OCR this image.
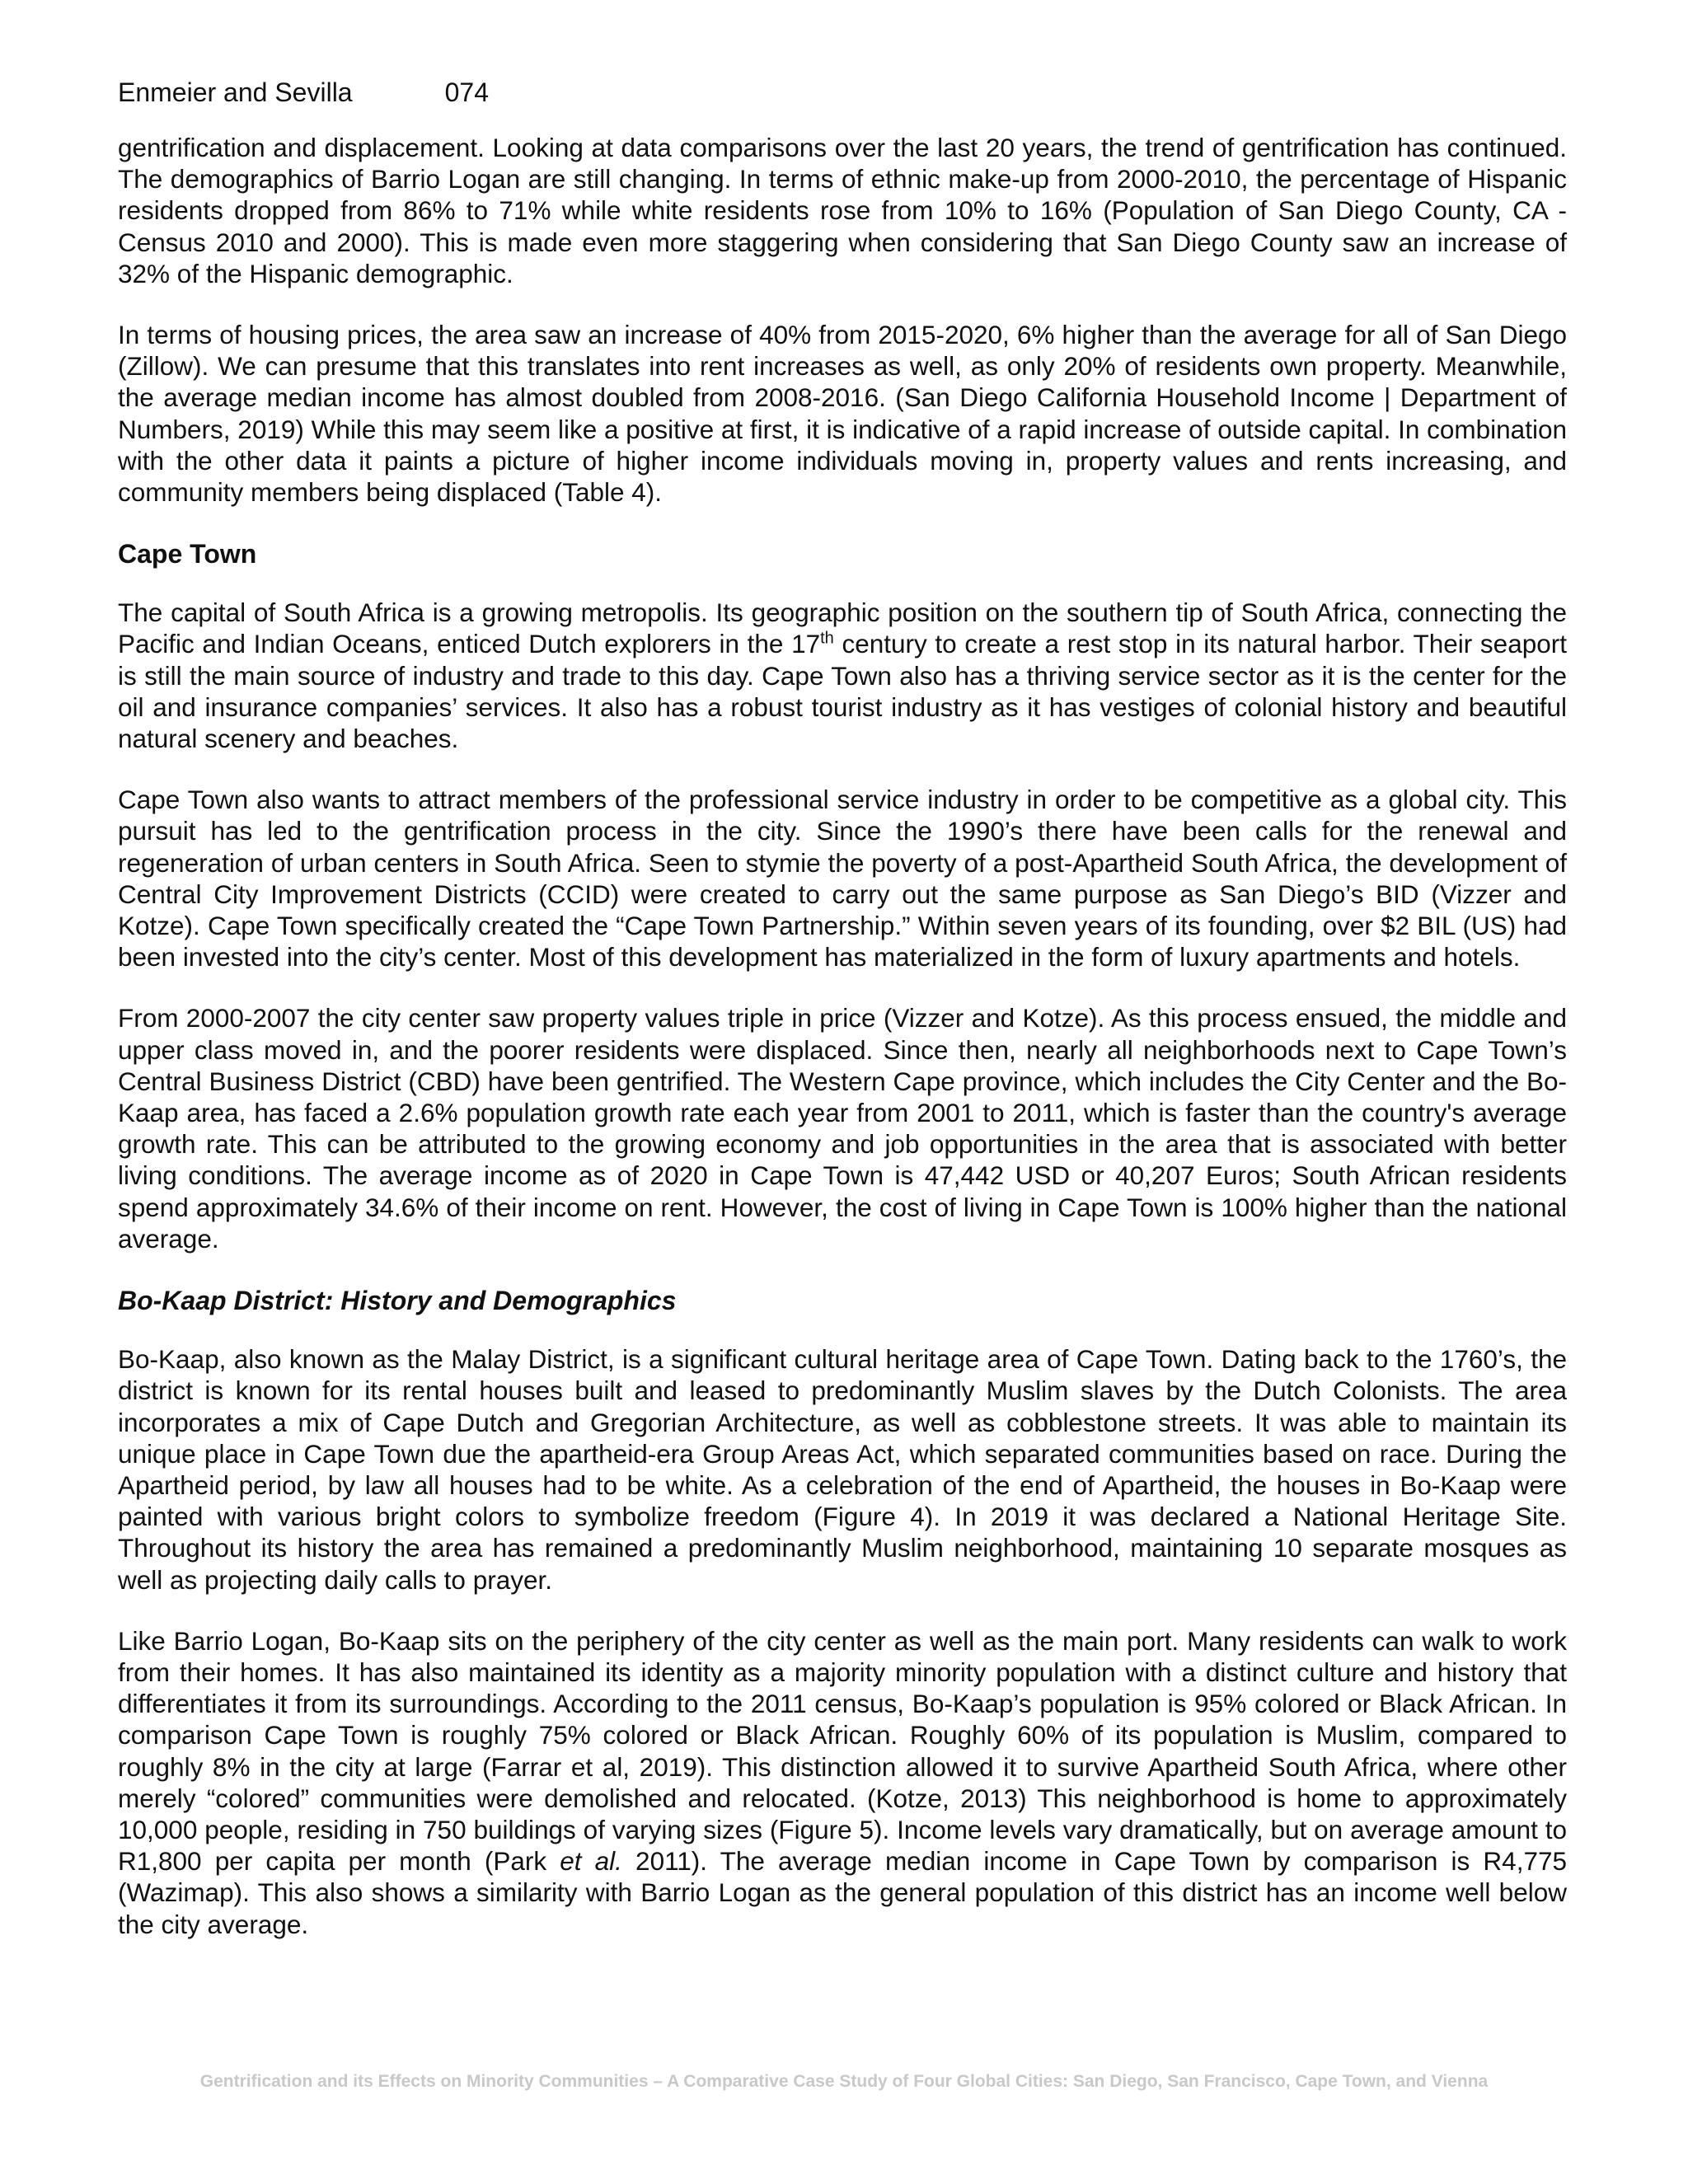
Enmeier and Sevilla	074

gentrification and displacement. Looking at data comparisons over the last 20 years, the trend of gentrification has continued. The demographics of Barrio Logan are still changing. In terms of ethnic make-up from 2000-2010, the percentage of Hispanic residents dropped from 86% to 71% while white residents rose from 10% to 16% (Population of San Diego County, CA - Census 2010 and 2000). This is made even more staggering when considering that San Diego County saw an increase of 32% of the Hispanic demographic.

In terms of housing prices, the area saw an increase of 40% from 2015-2020, 6% higher than the average for all of San Diego (Zillow). We can presume that this translates into rent increases as well, as only 20% of residents own property. Meanwhile, the average median income has almost doubled from 2008-2016. (San Diego California Household Income | Department of Numbers, 2019) While this may seem like a positive at first, it is indicative of a rapid increase of outside capital. In combination with the other data it paints a picture of higher income individuals moving in, property values and rents increasing, and community members being displaced (Table 4).

Cape Town

The capital of South Africa is a growing metropolis. Its geographic position on the southern tip of South Africa, connecting the Pacific and Indian Oceans, enticed Dutch explorers in the 17th century to create a rest stop in its natural harbor. Their seaport is still the main source of industry and trade to this day. Cape Town also has a thriving service sector as it is the center for the oil and insurance companies’ services. It also has a robust tourist industry as it has vestiges of colonial history and beautiful natural scenery and beaches.

Cape Town also wants to attract members of the professional service industry in order to be competitive as a global city. This pursuit has led to the gentrification process in the city. Since the 1990’s there have been calls for the renewal and regeneration of urban centers in South Africa. Seen to stymie the poverty of a post-Apartheid South Africa, the development of Central City Improvement Districts (CCID) were created to carry out the same purpose as San Diego’s BID (Vizzer and Kotze). Cape Town specifically created the “Cape Town Partnership.” Within seven years of its founding, over $2 BIL (US) had been invested into the city’s center. Most of this development has materialized in the form of luxury apartments and hotels.

From 2000-2007 the city center saw property values triple in price (Vizzer and Kotze). As this process ensued, the middle and upper class moved in, and the poorer residents were displaced. Since then, nearly all neighborhoods next to Cape Town’s Central Business District (CBD) have been gentrified. The Western Cape province, which includes the City Center and the Bo-Kaap area, has faced a 2.6% population growth rate each year from 2001 to 2011, which is faster than the country's average growth rate. This can be attributed to the growing economy and job opportunities in the area that is associated with better living conditions. The average income as of 2020 in Cape Town is 47,442 USD or 40,207 Euros; South African residents spend approximately 34.6% of their income on rent. However, the cost of living in Cape Town is 100% higher than the national average.

Bo-Kaap District: History and Demographics

Bo-Kaap, also known as the Malay District, is a significant cultural heritage area of Cape Town. Dating back to the 1760’s, the district is known for its rental houses built and leased to predominantly Muslim slaves by the Dutch Colonists. The area incorporates a mix of Cape Dutch and Gregorian Architecture, as well as cobblestone streets. It was able to maintain its unique place in Cape Town due the apartheid-era Group Areas Act, which separated communities based on race. During the Apartheid period, by law all houses had to be white. As a celebration of the end of Apartheid, the houses in Bo-Kaap were painted with various bright colors to symbolize freedom (Figure 4). In 2019 it was declared a National Heritage Site. Throughout its history the area has remained a predominantly Muslim neighborhood, maintaining 10 separate mosques as well as projecting daily calls to prayer.

Like Barrio Logan, Bo-Kaap sits on the periphery of the city center as well as the main port. Many residents can walk to work from their homes. It has also maintained its identity as a majority minority population with a distinct culture and history that differentiates it from its surroundings. According to the 2011 census, Bo-Kaap’s population is 95% colored or Black African. In comparison Cape Town is roughly 75% colored or Black African. Roughly 60% of its population is Muslim, compared to roughly 8% in the city at large (Farrar et al, 2019). This distinction allowed it to survive Apartheid South Africa, where other merely “colored” communities were demolished and relocated. (Kotze, 2013) This neighborhood is home to approximately 10,000 people, residing in 750 buildings of varying sizes (Figure 5). Income levels vary dramatically, but on average amount to R1,800 per capita per month (Park et al. 2011). The average median income in Cape Town by comparison is R4,775 (Wazimap). This also shows a similarity with Barrio Logan as the general population of this district has an income well below the city average.

Gentrification and its Effects on Minority Communities – A Comparative Case Study of Four Global Cities: San Diego, San Francisco, Cape Town, and Vienna
